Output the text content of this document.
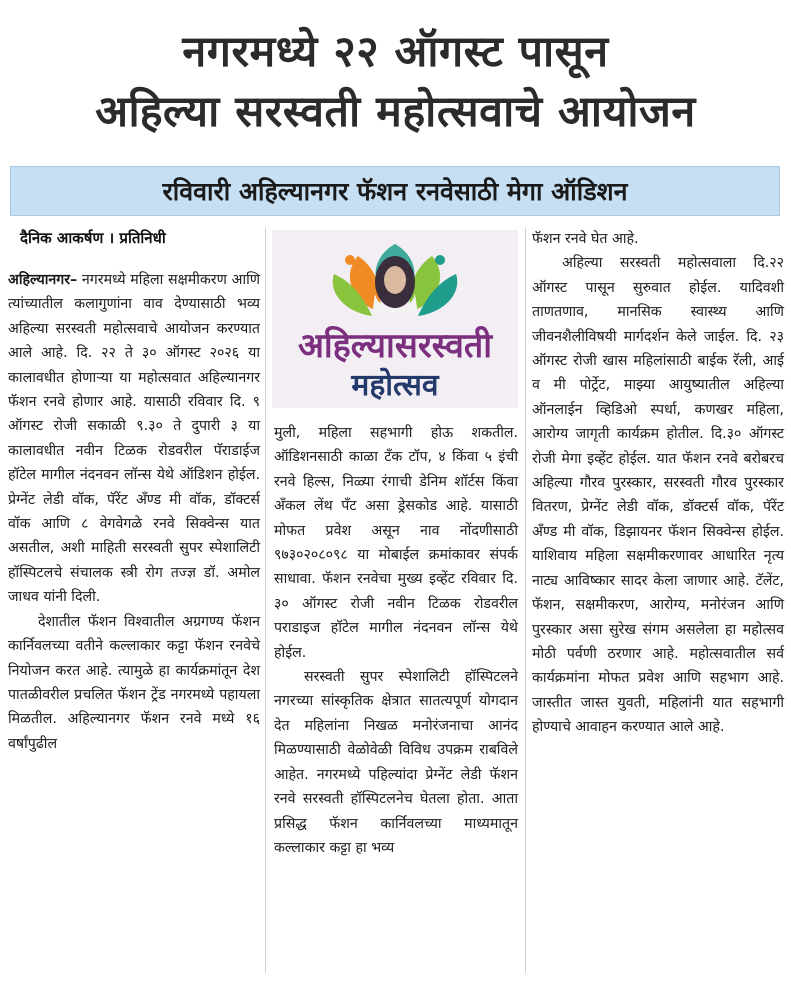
नगरमध्ये २२ ऑगस्ट पासून
अहिल्या सरस्वती महोत्सवाचे आयोजन
रविवारी अहिल्यानगर फॅशन रनवेसाठी मेगा ऑडिशन
दैनिक आकर्षण । प्रतिनिधी
अहिल्यासरस्वती
महोत्सव

अहिल्यानगर– नगरमध्ये महिला सक्षमीकरण आणि त्यांच्यातील कलागुणांना वाव देण्यासाठी भव्य अहिल्या सरस्वती महोत्सवाचे आयोजन करण्यात आले आहे. दि. २२ ते ३० ऑगस्ट २०२६ या कालावधीत होणाऱ्या या महोत्सवात अहिल्यानगर फॅशन रनवे होणार आहे. यासाठी रविवार दि. ९ ऑगस्ट रोजी सकाळी ९.३० ते दुपारी ३ या कालावधीत नवीन टिळक रोडवरील पॅराडाईज हॉटेल मागील नंदनवन लॉन्स येथे ऑडिशन होईल. प्रेग्नेंट लेडी वॉक, पॅरेंट अँण्ड मी वॉक, डॉक्टर्स वॉक आणि ८ वेगवेगळे रनवे सिक्वेन्स यात असतील, अशी माहिती सरस्वती सुपर स्पेशालिटी हॉस्पिटलचे संचालक स्त्री रोग तज्ज्ञ डॉ. अमोल जाधव यांनी दिली.

देशातील फॅशन विश्वातील अग्रगण्य फॅशन कार्निवलच्या वतीने कल्लाकार कट्टा फॅशन रनवेचे नियोजन करत आहे. त्यामुळे हा कार्यक्रमांतून देश पातळीवरील प्रचलित फॅशन ट्रेंड नगरमध्ये पहायला मिळतील. अहिल्यानगर फॅशन रनवे मध्ये १६ वर्षांपुढील

मुली, महिला सहभागी होऊ शकतील. ऑडिशनसाठी काळा टँक टॉप, ४ किंवा ५ इंची रनवे हिल्स, निळ्या रंगाची डेनिम शॉर्टस किंवा अँकल लेंथ पँट असा ड्रेसकोड आहे. यासाठी मोफत प्रवेश असून नाव नोंदणीसाठी ९७३०२०८०९८ या मोबाईल क्रमांकावर संपर्क साधावा. फॅशन रनवेचा मुख्य इव्हेंट रविवार दि. ३० ऑगस्ट रोजी नवीन टिळक रोडवरील पराडाइज हॉटेल मागील नंदनवन लॉन्स येथे होईल.

सरस्वती सुपर स्पेशालिटी हॉस्पिटलने नगरच्या सांस्कृतिक क्षेत्रात सातत्यपूर्ण योगदान देत महिलांना निखळ मनोरंजनाचा आनंद मिळण्यासाठी वेळोवेळी विविध उपक्रम राबविले आहेत. नगरमध्ये पहिल्यांदा प्रेग्नेंट लेडी फॅशन रनवे सरस्वती हॉस्पिटलनेच घेतला होता. आता प्रसिद्ध फॅशन कार्निवलच्या माध्यमातून कल्लाकार कट्टा हा भव्य

फॅशन रनवे घेत आहे.

अहिल्या सरस्वती महोत्सवाला दि.२२ ऑगस्ट पासून सुरुवात होईल. यादिवशी ताणतणाव, मानसिक स्वास्थ्य आणि जीवनशैलीविषयी मार्गदर्शन केले जाईल. दि. २३ ऑगस्ट रोजी खास महिलांसाठी बाईक रॅली, आई व मी पोर्ट्रेट, माझ्या आयुष्यातील अहिल्या ऑनलाईन व्हिडिओ स्पर्धा, कणखर महिला, आरोग्य जागृती कार्यक्रम होतील. दि.३० ऑगस्ट रोजी मेगा इव्हेंट होईल. यात फॅशन रनवे बरोबरच अहिल्या गौरव पुरस्कार, सरस्वती गौरव पुरस्कार वितरण, प्रेग्नेंट लेडी वॉक, डॉक्टर्स वॉक, पॅरेंट अँण्ड मी वॉक, डिझायनर फॅशन सिक्वेन्स होईल. याशिवाय महिला सक्षमीकरणावर आधारित नृत्य नाट्य आविष्कार सादर केला जाणार आहे. टॅलेंट, फॅशन, सक्षमीकरण, आरोग्य, मनोरंजन आणि पुरस्कार असा सुरेख संगम असलेला हा महोत्सव मोठी पर्वणी ठरणार आहे. महोत्सवातील सर्व कार्यक्रमांना मोफत प्रवेश आणि सहभाग आहे. जास्तीत जास्त युवती, महिलांनी यात सहभागी होण्याचे आवाहन करण्यात आले आहे.
